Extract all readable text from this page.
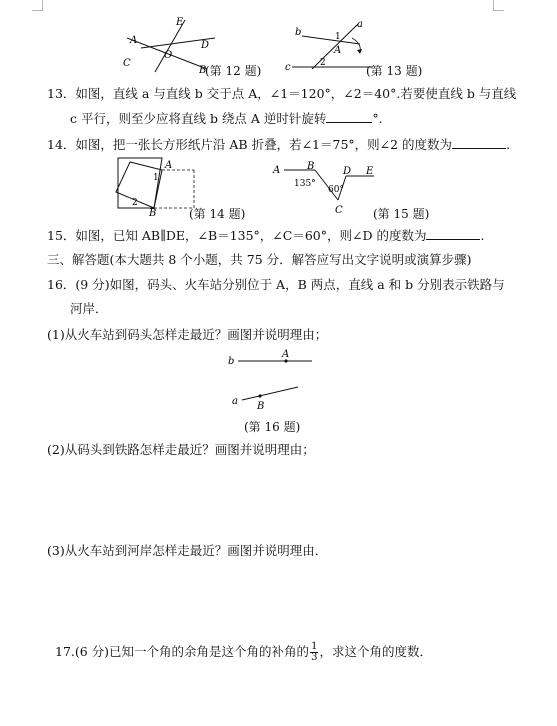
E
A	D
O
C
B
(第 12 题)
a
b
c
A
1
2
(第 13 题)
13．如图，直线 a 与直线 b 交于点 A，∠1＝120°，∠2＝40°.若要使直线 b 与直线
c 平行，则至少应将直线 b 绕点 A 逆时针旋转	°.
14．如图，把一张长方形纸片沿 AB 折叠，若∠1＝75°，则∠2 的度数为	.
A
B
1
2
(第 14 题)
A	B
C
D E
135°
60°
(第 15 题)
15．如图，已知 AB∥DE，∠B＝135°，∠C＝60°，则∠D 的度数为	.
三、解答题(本大题共 8 个小题，共 75 分．解答应写出文字说明或演算步骤)
16．(9 分)如图，码头、火车站分别位于 A，B 两点，直线 a 和 b 分别表示铁路与
河岸．
(1)从火车站到码头怎样走最近？画图并说明理由；
b
A
a B
(第 16 题)
(2)从码头到铁路怎样走最近？画图并说明理由；
(3)从火车站到河岸怎样走最近？画图并说明理由．
17.(6 分)已知一个角的余角是这个角的补角的 $\frac{1}{3}$ ，求这个角的度数．
